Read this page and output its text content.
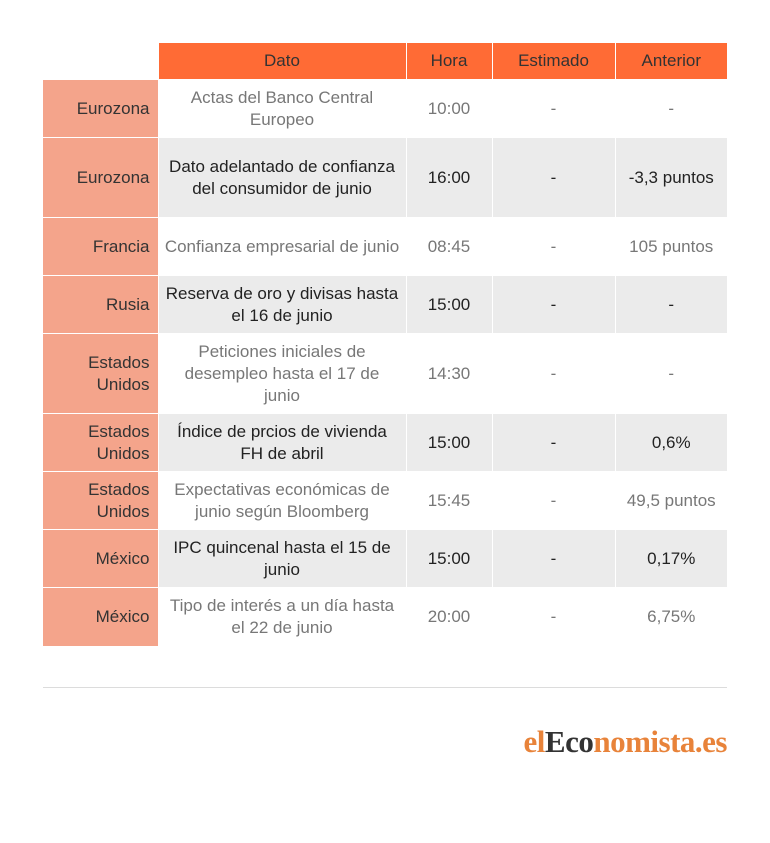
	Dato	Hora	Estimado	Anterior
Eurozona	Actas del Banco Central Europeo	10:00	-	-
Eurozona	Dato adelantado de confianza del consumidor de junio	16:00	-	-3,3 puntos
Francia	Confianza empresarial de junio	08:45	-	105 puntos
Rusia	Reserva de oro y divisas hasta el 16 de junio	15:00	-	-
Estados Unidos	Peticiones iniciales de desempleo hasta el 17 de junio	14:30	-	-
Estados Unidos	Índice de prcios de vivienda FH de abril	15:00	-	0,6%
Estados Unidos	Expectativas económicas de junio según Bloomberg	15:45	-	49,5 puntos
México	IPC quincenal hasta el 15 de junio	15:00	-	0,17%
México	Tipo de interés a un día hasta el 22 de junio	20:00	-	6,75%
elEconomista.es
